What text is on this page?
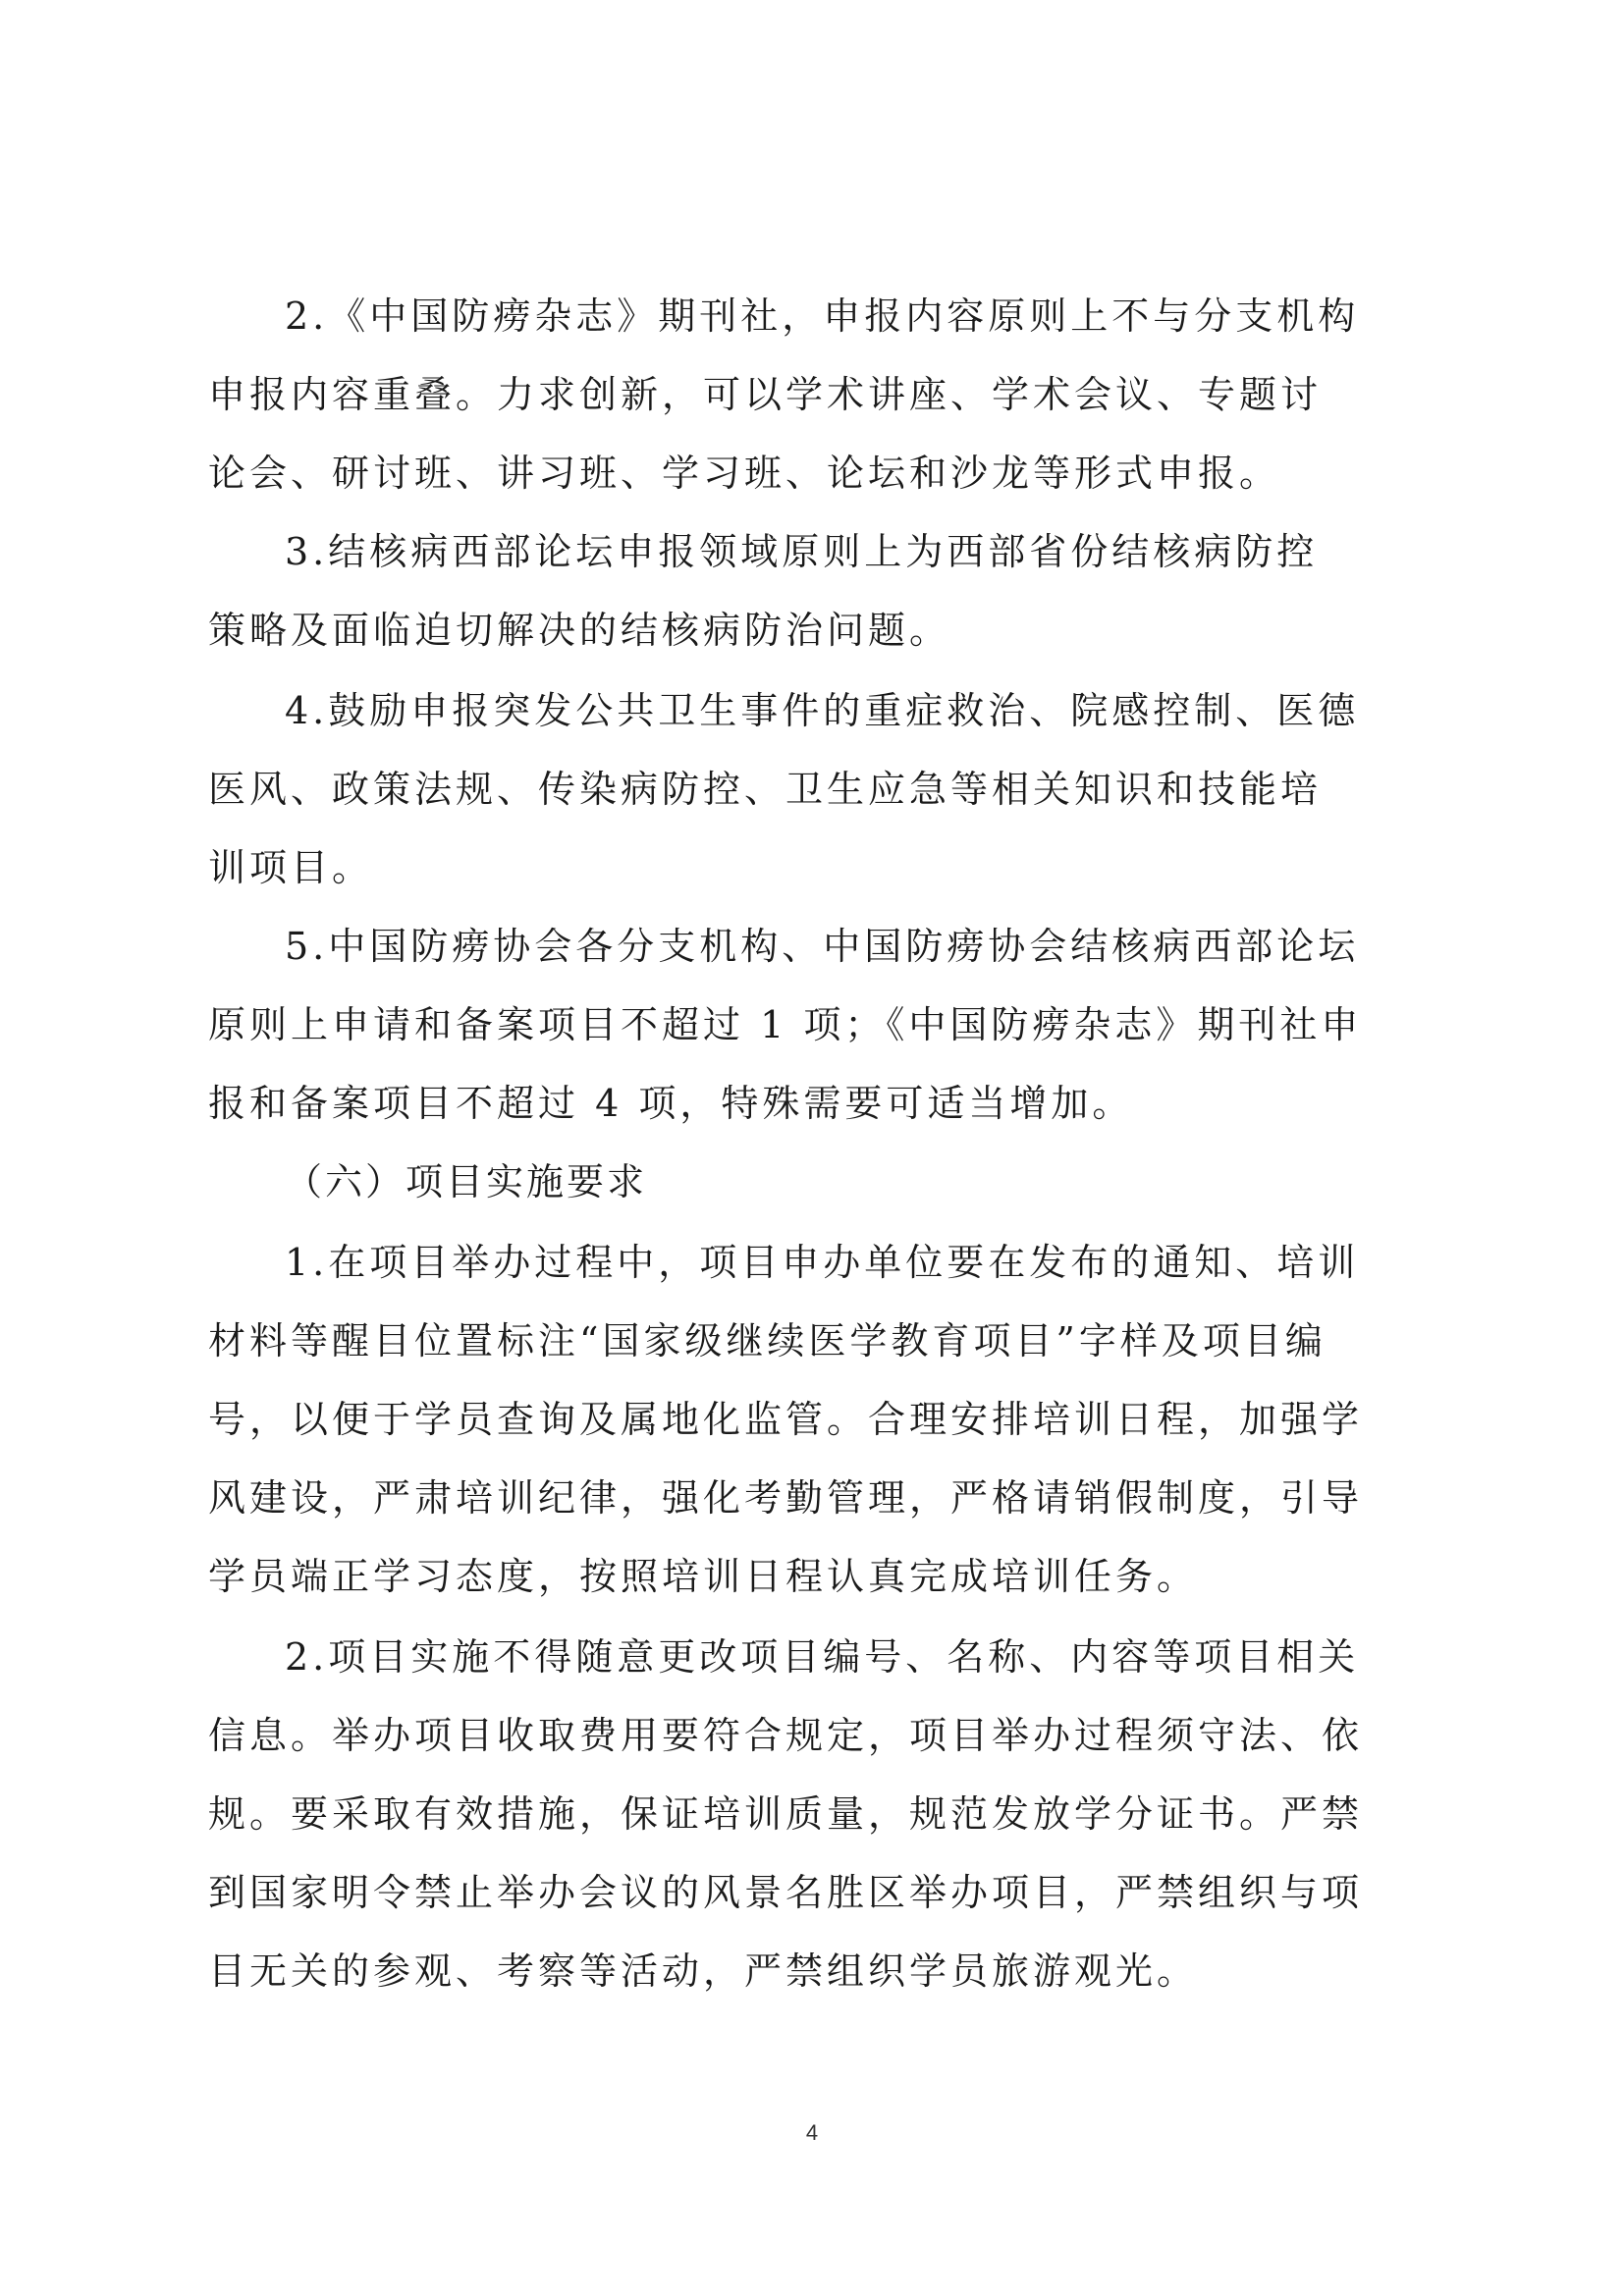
2.《中国防痨杂志》期刊社，申报内容原则上不与分支机构

申报内容重叠。力求创新，可以学术讲座、学术会议、专题讨

论会、研讨班、讲习班、学习班、论坛和沙龙等形式申报。

3.结核病西部论坛申报领域原则上为西部省份结核病防控

策略及面临迫切解决的结核病防治问题。

4.鼓励申报突发公共卫生事件的重症救治、院感控制、医德

医风、政策法规、传染病防控、卫生应急等相关知识和技能培

训项目。

5.中国防痨协会各分支机构、中国防痨协会结核病西部论坛

原则上申请和备案项目不超过 1 项；《中国防痨杂志》期刊社申

报和备案项目不超过 4 项，特殊需要可适当增加。

（六）项目实施要求

1.在项目举办过程中，项目申办单位要在发布的通知、培训

材料等醒目位置标注“国家级继续医学教育项目”字样及项目编

号，以便于学员查询及属地化监管。合理安排培训日程，加强学

风建设，严肃培训纪律，强化考勤管理，严格请销假制度，引导

学员端正学习态度，按照培训日程认真完成培训任务。

2.项目实施不得随意更改项目编号、名称、内容等项目相关

信息。举办项目收取费用要符合规定，项目举办过程须守法、依

规。要采取有效措施，保证培训质量，规范发放学分证书。严禁

到国家明令禁止举办会议的风景名胜区举办项目，严禁组织与项

目无关的参观、考察等活动，严禁组织学员旅游观光。

4
